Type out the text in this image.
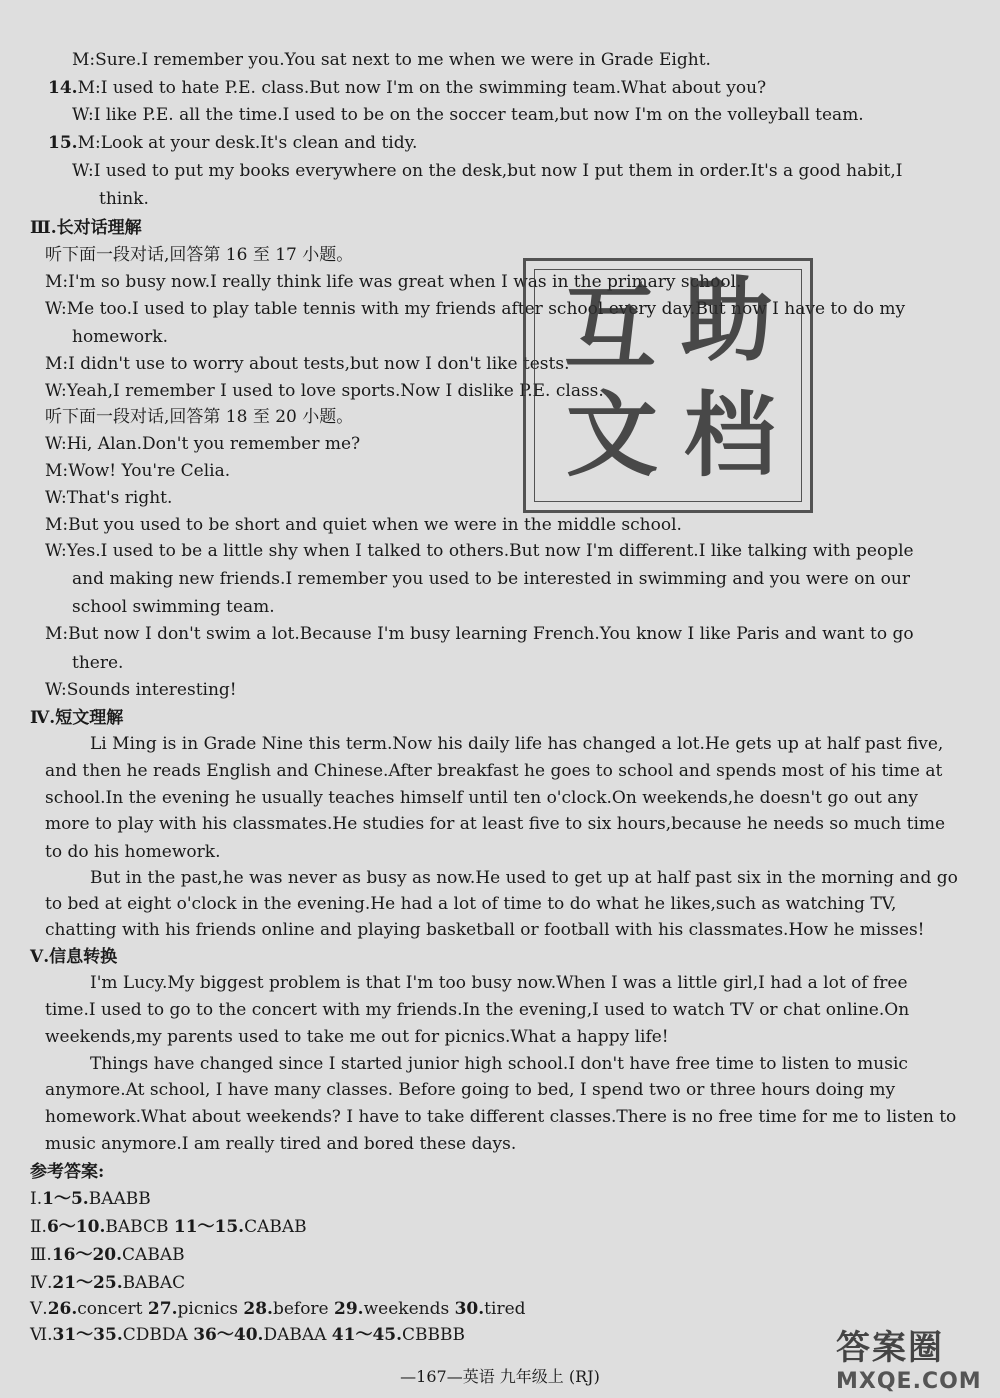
M:Sure.I remember you.You sat next to me when we were in Grade Eight.
14.M:I used to hate P.E. class.But now I'm on the swimming team.What about you?
W:I like P.E. all the time.I used to be on the soccer team,but now I'm on the volleyball team.
15.M:Look at your desk.It's clean and tidy.
W:I used to put my books everywhere on the desk,but now I put them in order.It's a good habit,I
think.
Ⅲ.长对话理解
听下面一段对话,回答第 16 至 17 小题。
M:I'm so busy now.I really think life was great when I was in the primary school.
W:Me too.I used to play table tennis with my friends after school every day.But now I have to do my
homework.
M:I didn't use to worry about tests,but now I don't like tests.
W:Yeah,I remember I used to love sports.Now I dislike P.E. class.
听下面一段对话,回答第 18 至 20 小题。
W:Hi, Alan.Don't you remember me?
M:Wow! You're Celia.
W:That's right.
M:But you used to be short and quiet when we were in the middle school.
W:Yes.I used to be a little shy when I talked to others.But now I'm different.I like talking with people
and making new friends.I remember you used to be interested in swimming and you were on our
school swimming team.
M:But now I don't swim a lot.Because I'm busy learning French.You know I like Paris and want to go
there.
W:Sounds interesting!
Ⅳ.短文理解
Li Ming is in Grade Nine this term.Now his daily life has changed a lot.He gets up at half past five,
and then he reads English and Chinese.After breakfast he goes to school and spends most of his time at
school.In the evening he usually teaches himself until ten o'clock.On weekends,he doesn't go out any
more to play with his classmates.He studies for at least five to six hours,because he needs so much time
to do his homework.
But in the past,he was never as busy as now.He used to get up at half past six in the morning and go
to bed at eight o'clock in the evening.He had a lot of time to do what he likes,such as watching TV,
chatting with his friends online and playing basketball or football with his classmates.How he misses!
Ⅴ.信息转换
I'm Lucy.My biggest problem is that I'm too busy now.When I was a little girl,I had a lot of free
time.I used to go to the concert with my friends.In the evening,I used to watch TV or chat online.On
weekends,my parents used to take me out for picnics.What a happy life!
Things have changed since I started junior high school.I don't have free time to listen to music
anymore.At school, I have many classes. Before going to bed, I spend two or three hours doing my
homework.What about weekends? I have to take different classes.There is no free time for me to listen to
music anymore.I am really tired and bored these days.
参考答案:
Ⅰ.1～5.BAABB
Ⅱ.6～10.BABCB 11～15.CABAB
Ⅲ.16～20.CABAB
Ⅳ.21～25.BABAC
Ⅴ.26.concert 27.picnics 28.before 29.weekends 30.tired
Ⅵ.31～35.CDBDA 36～40.DABAA 41～45.CBBBB
互 助
文 档
—167—英语 九年级上 (RJ)
答案圈
MXQE.COM
